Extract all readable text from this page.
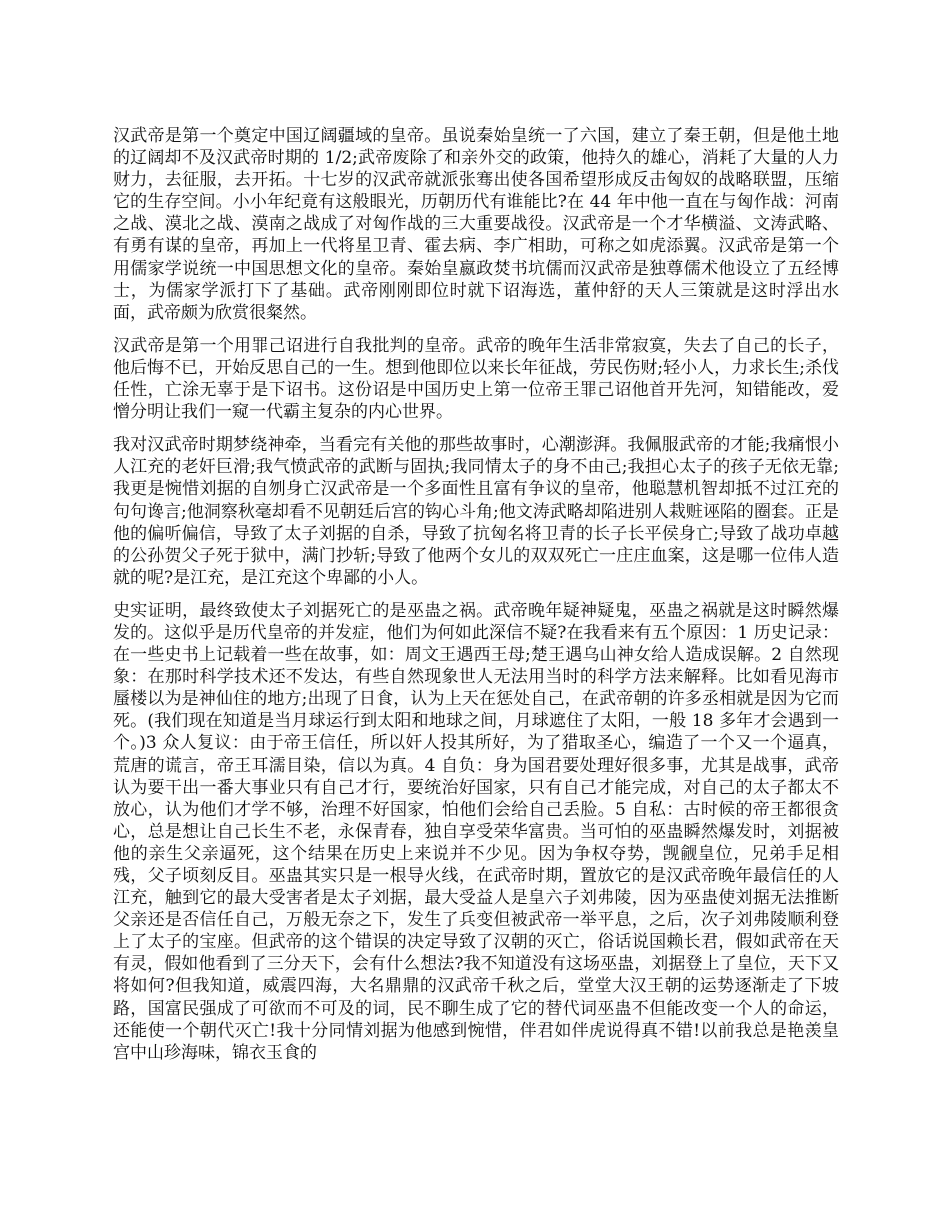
汉武帝是第一个奠定中国辽阔疆域的皇帝。虽说秦始皇统一了六国，建立了秦王朝，但是他土地的辽阔却不及汉武帝时期的 1/2;武帝废除了和亲外交的政策，他持久的雄心，消耗了大量的人力财力，去征服，去开拓。十七岁的汉武帝就派张骞出使各国希望形成反击匈奴的战略联盟，压缩它的生存空间。小小年纪竟有这般眼光，历朝历代有谁能比?在 44 年中他一直在与匈作战：河南之战、漠北之战、漠南之战成了对匈作战的三大重要战役。汉武帝是一个才华横溢、文涛武略、有勇有谋的皇帝，再加上一代将星卫青、霍去病、李广相助，可称之如虎添翼。汉武帝是第一个用儒家学说统一中国思想文化的皇帝。秦始皇嬴政焚书坑儒而汉武帝是独尊儒术他设立了五经博士，为儒家学派打下了基础。武帝刚刚即位时就下诏海选，董仲舒的天人三策就是这时浮出水面，武帝颇为欣赏很粲然。

汉武帝是第一个用罪己诏进行自我批判的皇帝。武帝的晚年生活非常寂寞，失去了自己的长子，他后悔不已，开始反思自己的一生。想到他即位以来长年征战，劳民伤财;轻小人，力求长生;杀伐任性，亡涂无辜于是下诏书。这份诏是中国历史上第一位帝王罪己诏他首开先河，知错能改，爱憎分明让我们一窥一代霸主复杂的内心世界。

我对汉武帝时期梦绕神牵，当看完有关他的那些故事时，心潮澎湃。我佩服武帝的才能;我痛恨小人江充的老奸巨滑;我气愤武帝的武断与固执;我同情太子的身不由己;我担心太子的孩子无依无靠;我更是惋惜刘据的自刎身亡汉武帝是一个多面性且富有争议的皇帝，他聪慧机智却抵不过江充的句句谗言;他洞察秋毫却看不见朝廷后宫的钩心斗角;他文涛武略却陷进别人栽赃诬陷的圈套。正是他的偏听偏信，导致了太子刘据的自杀，导致了抗匈名将卫青的长子长平侯身亡;导致了战功卓越的公孙贺父子死于狱中，满门抄斩;导致了他两个女儿的双双死亡一庄庄血案，这是哪一位伟人造就的呢?是江充，是江充这个卑鄙的小人。

史实证明，最终致使太子刘据死亡的是巫蛊之祸。武帝晚年疑神疑鬼，巫蛊之祸就是这时瞬然爆发的。这似乎是历代皇帝的并发症，他们为何如此深信不疑?在我看来有五个原因：1 历史记录：在一些史书上记载着一些在故事，如：周文王遇西王母;楚王遇乌山神女给人造成误解。2 自然现象：在那时科学技术还不发达，有些自然现象世人无法用当时的科学方法来解释。比如看见海市蜃楼以为是神仙住的地方;出现了日食，认为上天在惩处自己，在武帝朝的许多丞相就是因为它而死。(我们现在知道是当月球运行到太阳和地球之间，月球遮住了太阳，一般 18 多年才会遇到一个。)3 众人复议：由于帝王信任，所以奸人投其所好，为了猎取圣心，编造了一个又一个逼真，荒唐的谎言，帝王耳濡目染，信以为真。4 自负：身为国君要处理好很多事，尤其是战事，武帝认为要干出一番大事业只有自己才行，要统治好国家，只有自己才能完成，对自己的太子都太不放心，认为他们才学不够，治理不好国家，怕他们会给自己丢脸。5 自私：古时候的帝王都很贪心，总是想让自己长生不老，永保青春，独自享受荣华富贵。当可怕的巫蛊瞬然爆发时，刘据被他的亲生父亲逼死，这个结果在历史上来说并不少见。因为争权夺势，觊觎皇位，兄弟手足相残，父子顷刻反目。巫蛊其实只是一根导火线，在武帝时期，置放它的是汉武帝晚年最信任的人江充，触到它的最大受害者是太子刘据，最大受益人是皇六子刘弗陵，因为巫蛊使刘据无法推断父亲还是否信任自己，万般无奈之下，发生了兵变但被武帝一举平息，之后，次子刘弗陵顺利登上了太子的宝座。但武帝的这个错误的决定导致了汉朝的灭亡，俗话说国赖长君，假如武帝在天有灵，假如他看到了三分天下，会有什么想法?我不知道没有这场巫蛊，刘据登上了皇位，天下又将如何?但我知道，威震四海，大名鼎鼎的汉武帝千秋之后，堂堂大汉王朝的运势逐渐走了下坡路，国富民强成了可欲而不可及的词，民不聊生成了它的替代词巫蛊不但能改变一个人的命运，还能使一个朝代灭亡!我十分同情刘据为他感到惋惜，伴君如伴虎说得真不错!以前我总是艳羡皇宫中山珍海味，锦衣玉食的
